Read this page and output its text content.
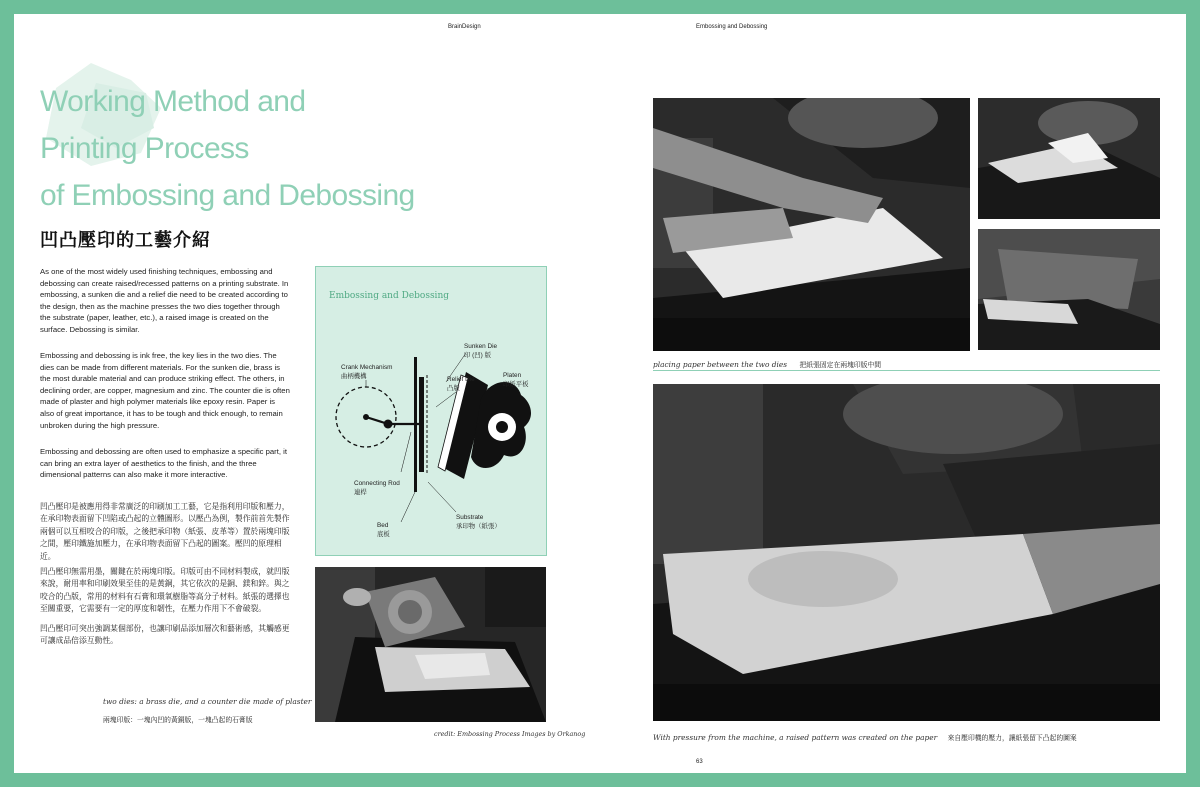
BrainDesign	Embossing and Debossing
Working Method and
Printing Process
of Embossing and Debossing
凹凸壓印的工藝介紹
As one of the most widely used finishing techniques, embossing and debossing can create raised/recessed patterns on a printing substrate. In embossing, a sunken die and a relief die need to be created according to the design, then as the machine presses the two dies together through the substrate (paper, leather, etc.), a raised image is created on the surface. Debossing is similar.
Embossing and debossing is ink free, the key lies in the two dies. The dies can be made from different materials. For the sunken die, brass is the most durable material and can produce striking effect. The others, in declining order, are copper, magnesium and zinc. The counter die is often made of plaster and high polymer materials like epoxy resin. Paper is also of great importance, it has to be tough and thick enough, to remain unbroken during the high pressure.
Embossing and debossing are often used to emphasize a specific part, it can bring an extra layer of aesthetics to the finish, and the three dimensional patterns can also make it more interactive.
凹凸壓印是被應用得非常廣泛的印刷加工工藝，它是指利用印版和壓力，在承印物表面留下凹陷或凸起的立體圖形。以壓凸為例，製作前首先製作兩個可以互相咬合的印版，之後把承印物（紙張、皮革等）置於兩塊印版之間，壓印鐵施加壓力，在承印物表面留下凸起的圖案。壓凹的原理相近。
凹凸壓印無需用墨，關鍵在於兩塊印版。印版可由不同材料製成，就凹版來說，耐用率和印刷效果至佳的是黃銅，其它依次的是銅、鎂和鋅。與之咬合的凸版，常用的材料有石膏和環氧樹脂等高分子材料。紙張的選擇也至關重要，它需要有一定的厚度和韌性，在壓力作用下不會破裂。
凹凸壓印可突出強調某個部份，也讓印刷品添加層次和藝術感，其觸感更可讓成品倍添互動性。
Embossing and Debossing
Sunken Die
印 (凹) 版
Crank Mechanism
曲柄機構	Relief Die
凸版
Platen
印紙平板
Connecting Rod
連桿
Bed
底板
Substrate
承印物（紙張）
two dies: a brass die, and a counter die made of plaster
兩塊印版：一塊內凹的黃銅版，一塊凸起的石膏版
credit: Embossing Process Images by Orkanog
placing paper between the two dies 把紙張固定在兩塊印版中間
With pressure from the machine, a raised pattern was created on the paper 來自壓印機的壓力，讓紙張留下凸起的圖案
63
